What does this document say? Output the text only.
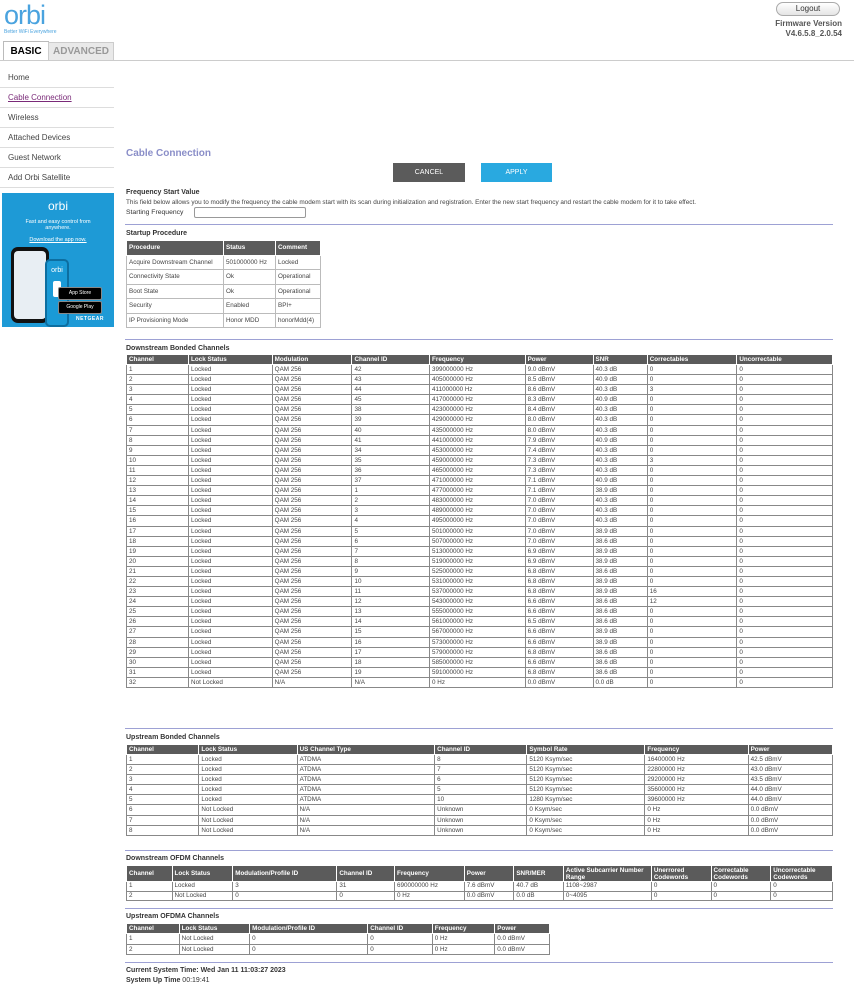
orbi
Better WiFi Everywhere
Logout
Firmware Version
V4.6.5.8_2.0.54
BASIC	ADVANCED
Home
Cable Connection
Wireless
Attached Devices
Guest Network
Add Orbi Satellite
orbi
Fast and easy control from
anywhere.
Download the app now.
orbi
App Store
Google Play
NETGEAR
Cable Connection
CANCEL	APPLY
Frequency Start Value
This field below allows you to modify the frequency the cable modem start with its scan during initialization and registration. Enter the new start frequency and restart the cable modem for it to take effect.
Starting Frequency
Startup Procedure
Procedure	Status	Comment
Acquire Downstream Channel	501000000 Hz	Locked
Connectivity State	Ok	Operational
Boot State	Ok	Operational
Security	Enabled	BPI+
IP Provisioning Mode	Honor MDD	honorMdd(4)
Downstream Bonded Channels
Channel	Lock Status	Modulation	Channel ID	Frequency	Power	SNR	Correctables	Uncorrectable
1	Locked	QAM 256	42	399000000 Hz	9.0 dBmV	40.3 dB	0	0
2	Locked	QAM 256	43	405000000 Hz	8.5 dBmV	40.9 dB	0	0
3	Locked	QAM 256	44	411000000 Hz	8.6 dBmV	40.3 dB	3	0
4	Locked	QAM 256	45	417000000 Hz	8.3 dBmV	40.9 dB	0	0
5	Locked	QAM 256	38	423000000 Hz	8.4 dBmV	40.3 dB	0	0
6	Locked	QAM 256	39	429000000 Hz	8.0 dBmV	40.3 dB	0	0
7	Locked	QAM 256	40	435000000 Hz	8.0 dBmV	40.3 dB	0	0
8	Locked	QAM 256	41	441000000 Hz	7.9 dBmV	40.9 dB	0	0
9	Locked	QAM 256	34	453000000 Hz	7.4 dBmV	40.3 dB	0	0
10	Locked	QAM 256	35	459000000 Hz	7.3 dBmV	40.3 dB	3	0
11	Locked	QAM 256	36	465000000 Hz	7.3 dBmV	40.3 dB	0	0
12	Locked	QAM 256	37	471000000 Hz	7.1 dBmV	40.9 dB	0	0
13	Locked	QAM 256	1	477000000 Hz	7.1 dBmV	38.9 dB	0	0
14	Locked	QAM 256	2	483000000 Hz	7.0 dBmV	40.3 dB	0	0
15	Locked	QAM 256	3	489000000 Hz	7.0 dBmV	40.3 dB	0	0
16	Locked	QAM 256	4	495000000 Hz	7.0 dBmV	40.3 dB	0	0
17	Locked	QAM 256	5	501000000 Hz	7.0 dBmV	38.9 dB	0	0
18	Locked	QAM 256	6	507000000 Hz	7.0 dBmV	38.6 dB	0	0
19	Locked	QAM 256	7	513000000 Hz	6.9 dBmV	38.9 dB	0	0
20	Locked	QAM 256	8	519000000 Hz	6.9 dBmV	38.9 dB	0	0
21	Locked	QAM 256	9	525000000 Hz	6.8 dBmV	38.6 dB	0	0
22	Locked	QAM 256	10	531000000 Hz	6.8 dBmV	38.9 dB	0	0
23	Locked	QAM 256	11	537000000 Hz	6.8 dBmV	38.9 dB	16	0
24	Locked	QAM 256	12	543000000 Hz	6.6 dBmV	38.6 dB	12	0
25	Locked	QAM 256	13	555000000 Hz	6.6 dBmV	38.6 dB	0	0
26	Locked	QAM 256	14	561000000 Hz	6.5 dBmV	38.6 dB	0	0
27	Locked	QAM 256	15	567000000 Hz	6.6 dBmV	38.9 dB	0	0
28	Locked	QAM 256	16	573000000 Hz	6.6 dBmV	38.9 dB	0	0
29	Locked	QAM 256	17	579000000 Hz	6.8 dBmV	38.6 dB	0	0
30	Locked	QAM 256	18	585000000 Hz	6.6 dBmV	38.6 dB	0	0
31	Locked	QAM 256	19	591000000 Hz	6.8 dBmV	38.6 dB	0	0
32	Not Locked	N/A	N/A	0 Hz	0.0 dBmV	0.0 dB	0	0
Upstream Bonded Channels
Channel	Lock Status	US Channel Type	Channel ID	Symbol Rate	Frequency	Power
1	Locked	ATDMA	8	5120 Ksym/sec	16400000 Hz	42.5 dBmV
2	Locked	ATDMA	7	5120 Ksym/sec	22800000 Hz	43.0 dBmV
3	Locked	ATDMA	6	5120 Ksym/sec	29200000 Hz	43.5 dBmV
4	Locked	ATDMA	5	5120 Ksym/sec	35600000 Hz	44.0 dBmV
5	Locked	ATDMA	10	1280 Ksym/sec	39600000 Hz	44.0 dBmV
6	Not Locked	N/A	Unknown	0 Ksym/sec	0 Hz	0.0 dBmV
7	Not Locked	N/A	Unknown	0 Ksym/sec	0 Hz	0.0 dBmV
8	Not Locked	N/A	Unknown	0 Ksym/sec	0 Hz	0.0 dBmV
Downstream OFDM Channels
Channel	Lock Status	Modulation/Profile ID	Channel ID	Frequency	Power	SNR/MER	Active Subcarrier Number Range	Unerrored Codewords	Correctable Codewords	Uncorrectable Codewords
1	Locked	3	31	690000000 Hz	7.6 dBmV	40.7 dB	1108~2987	0	0	0
2	Not Locked	0	0	0 Hz	0.0 dBmV	0.0 dB	0~4095	0	0	0
Upstream OFDMA Channels
Channel	Lock Status	Modulation/Profile ID	Channel ID	Frequency	Power
1	Not Locked	0	0	0 Hz	0.0 dBmV
2	Not Locked	0	0	0 Hz	0.0 dBmV
Current System Time: Wed Jan 11 11:03:27 2023
System Up Time 00:19:41
